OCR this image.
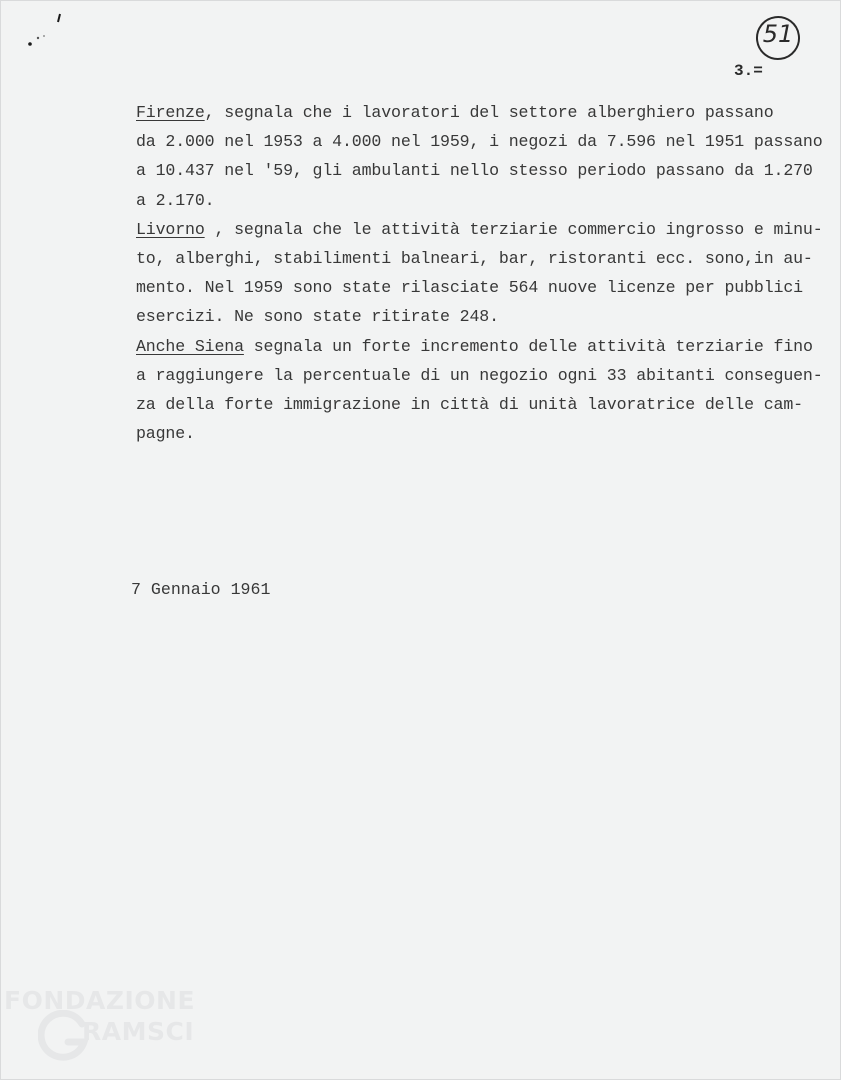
51
3.=
Firenze, segnala che i lavoratori del settore alberghiero passano
da 2.000 nel 1953 a 4.000 nel 1959, i negozi da 7.596 nel 1951 passano
a 10.437 nel '59, gli ambulanti nello stesso periodo passano da 1.270
a 2.170.
Livorno , segnala che le attività terziarie commercio ingrosso e minu-
to, alberghi, stabilimenti balneari, bar, ristoranti ecc. sono,in au-
mento. Nel 1959 sono state rilasciate 564 nuove licenze per pubblici
esercizi. Ne sono state ritirate 248.
Anche Siena segnala un forte incremento delle attività terziarie fino
a raggiungere la percentuale di un negozio ogni 33 abitanti conseguen-
za della forte immigrazione in città di unità lavoratrice delle cam-
pagne.
7 Gennaio 1961
FONDAZIONE
RAMSCI
